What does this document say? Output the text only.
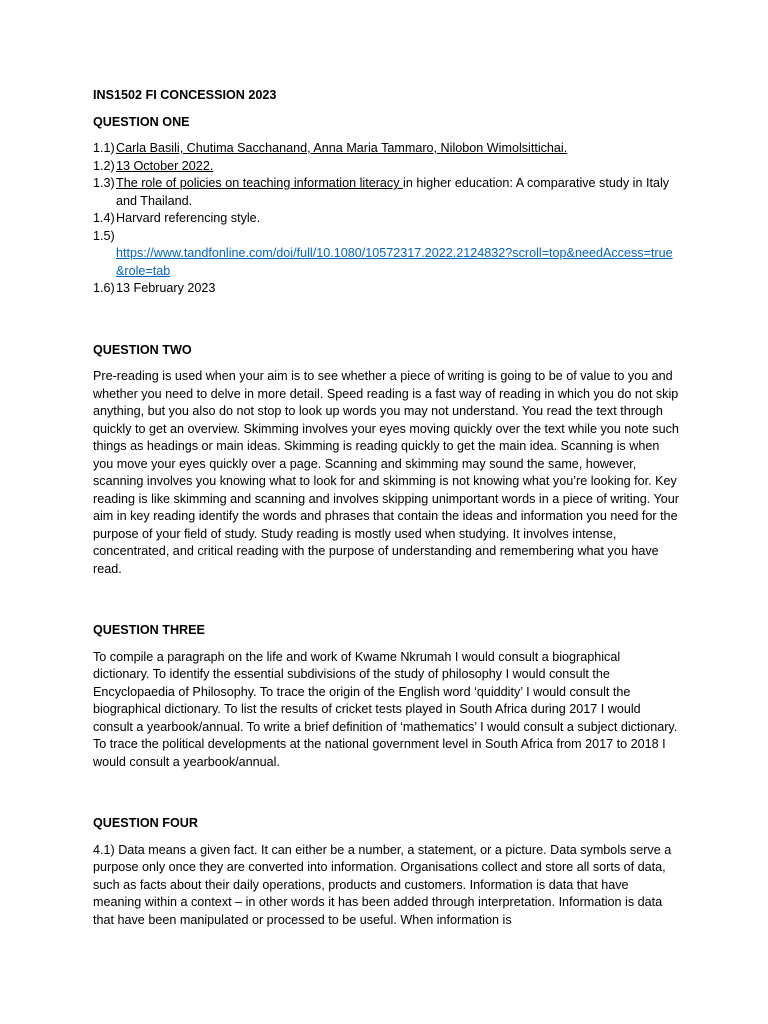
INS1502 FI CONCESSION 2023

QUESTION ONE

1.1) Carla Basili, Chutima Sacchanand, Anna Maria Tammaro, Nilobon Wimolsittichai.
1.2) 13 October 2022.
1.3) The role of policies on teaching information literacy in higher education: A comparative study in Italy and Thailand.
1.4) Harvard referencing style.
1.5)

https://www.tandfonline.com/doi/full/10.1080/10572317.2022.2124832?scroll=top&needAccess=true&role=tab
1.6) 13 February 2023

QUESTION TWO

Pre-reading is used when your aim is to see whether a piece of writing is going to be of value to you and whether you need to delve in more detail. Speed reading is a fast way of reading in which you do not skip anything, but you also do not stop to look up words you may not understand. You read the text through quickly to get an overview. Skimming involves your eyes moving quickly over the text while you note such things as headings or main ideas. Skimming is reading quickly to get the main idea. Scanning is when you move your eyes quickly over a page. Scanning and skimming may sound the same, however, scanning involves you knowing what to look for and skimming is not knowing what you’re looking for. Key reading is like skimming and scanning and involves skipping unimportant words in a piece of writing. Your aim in key reading identify the words and phrases that contain the ideas and information you need for the purpose of your field of study. Study reading is mostly used when studying. It involves intense, concentrated, and critical reading with the purpose of understanding and remembering what you have read.

QUESTION THREE

To compile a paragraph on the life and work of Kwame Nkrumah I would consult a biographical dictionary. To identify the essential subdivisions of the study of philosophy I would consult the Encyclopaedia of Philosophy. To trace the origin of the English word ‘quiddity’ I would consult the biographical dictionary. To list the results of cricket tests played in South Africa during 2017 I would consult a yearbook/annual. To write a brief definition of ‘mathematics’ I would consult a subject dictionary. To trace the political developments at the national government level in South Africa from 2017 to 2018 I would consult a yearbook/annual.

QUESTION FOUR

4.1) Data means a given fact. It can either be a number, a statement, or a picture. Data symbols serve a purpose only once they are converted into information. Organisations collect and store all sorts of data, such as facts about their daily operations, products and customers. Information is data that have meaning within a context – in other words it has been added through interpretation. Information is data that have been manipulated or processed to be useful. When information is
